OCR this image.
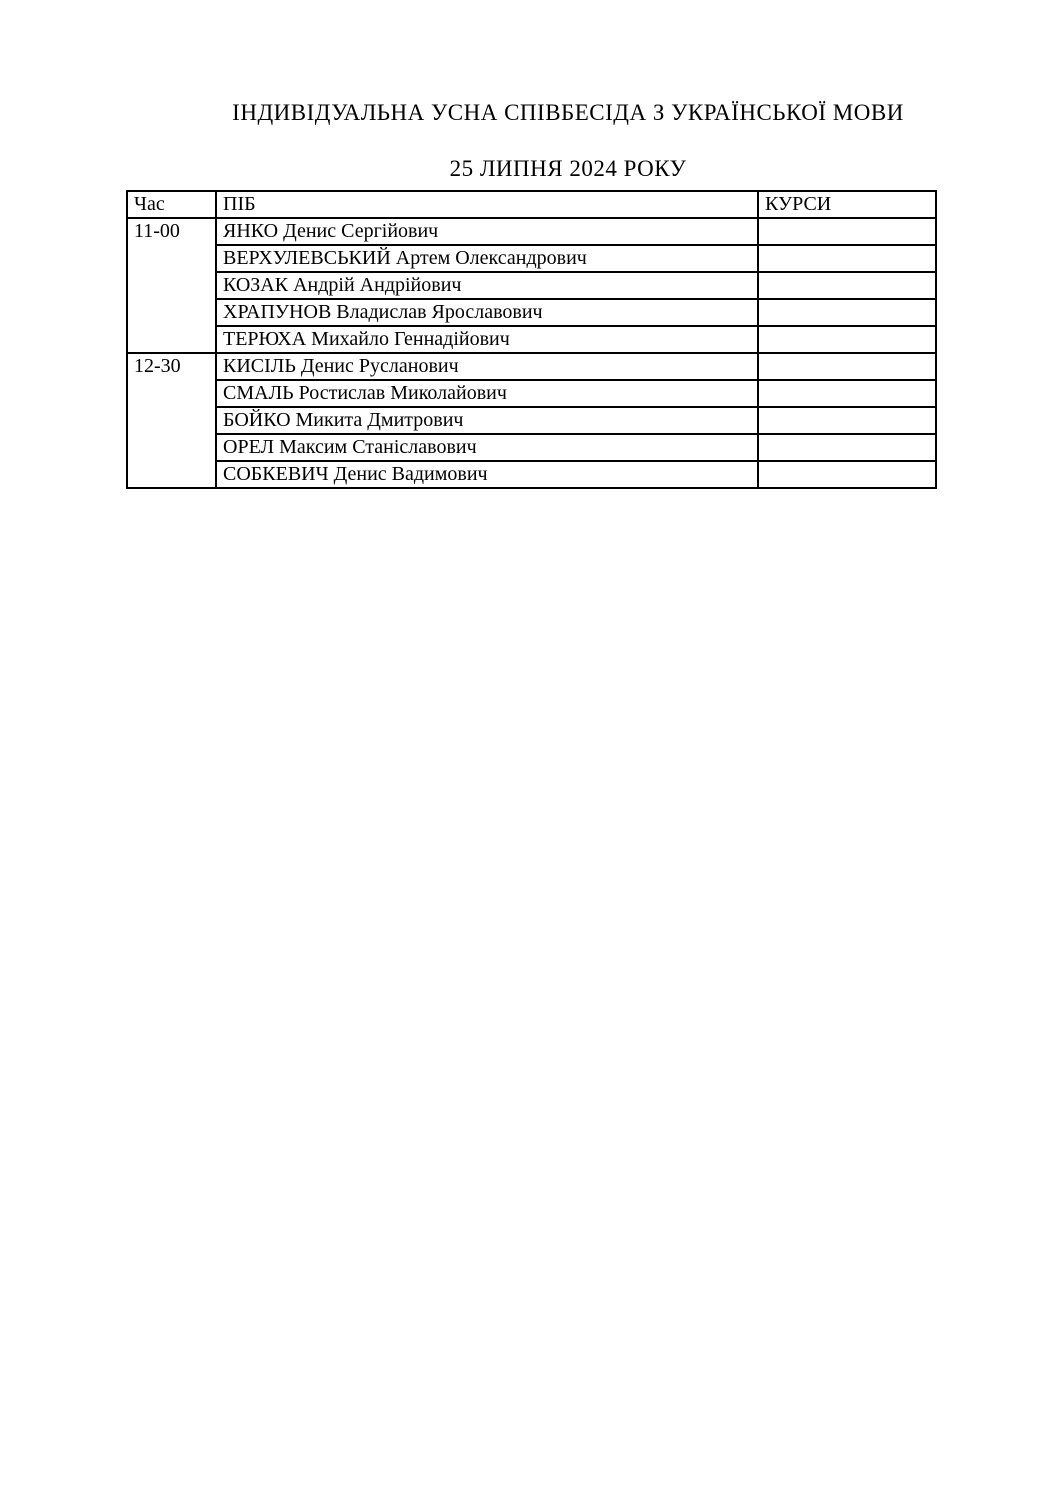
ІНДИВІДУАЛЬНА УСНА СПІВБЕСІДА З УКРАЇНСЬКОЇ МОВИ
25 ЛИПНЯ 2024 РОКУ
Час	ПІБ	КУРСИ
11-00	ЯНКО Денис Сергійович	
	ВЕРХУЛЕВСЬКИЙ Артем Олександрович	
	КОЗАК Андрій Андрійович	
	ХРАПУНОВ Владислав Ярославович	
	ТЕРЮХА Михайло Геннадійович	
12-30	КИСІЛЬ Денис Русланович	
	СМАЛЬ Ростислав Миколайович	
	БОЙКО Микита Дмитрович	
	ОРЕЛ Максим Станіславович	
	СОБКЕВИЧ Денис Вадимович	
